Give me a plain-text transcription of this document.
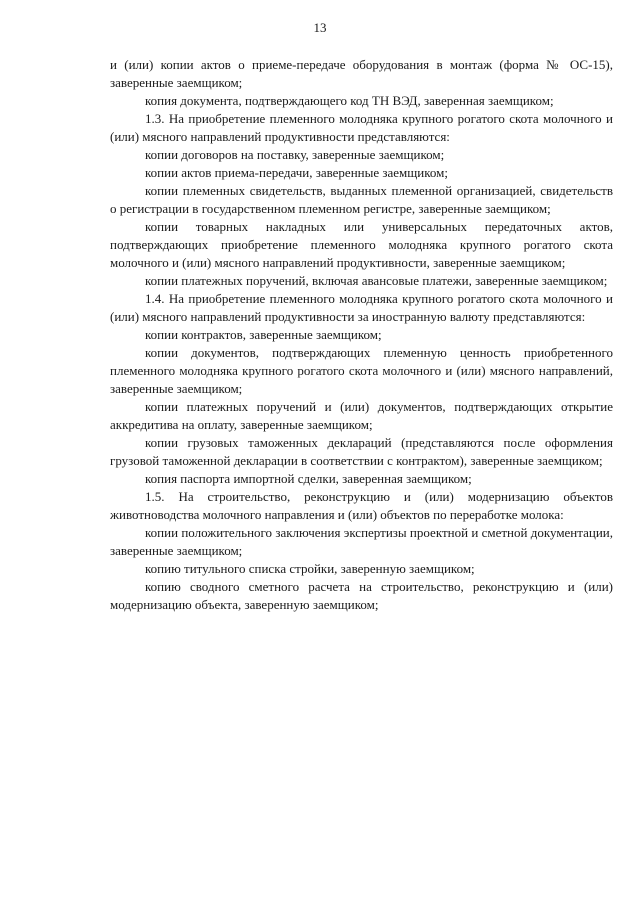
13

и (или) копии актов о приеме-передаче оборудования в монтаж (форма № ОС-15), заверенные заемщиком;

копия документа, подтверждающего код ТН ВЭД, заверенная заемщиком;

1.3. На приобретение племенного молодняка крупного рогатого скота молочного и (или) мясного направлений продуктивности представляются:

копии договоров на поставку, заверенные заемщиком;

копии актов приема-передачи, заверенные заемщиком;

копии племенных свидетельств, выданных племенной организацией, свидетельств о регистрации в государственном племенном регистре, заверенные заемщиком;

копии товарных накладных или универсальных передаточных актов, подтверждающих приобретение племенного молодняка крупного рогатого скота молочного и (или) мясного направлений продуктивности, заверенные заемщиком;

копии платежных поручений, включая авансовые платежи, заверенные заемщиком;

1.4. На приобретение племенного молодняка крупного рогатого скота молочного и (или) мясного направлений продуктивности за иностранную валюту представляются:

копии контрактов, заверенные заемщиком;

копии документов, подтверждающих племенную ценность приобретенного племенного молодняка крупного рогатого скота молочного и (или) мясного направлений, заверенные заемщиком;

копии платежных поручений и (или) документов, подтверждающих открытие аккредитива на оплату, заверенные заемщиком;

копии грузовых таможенных деклараций (представляются после оформления грузовой таможенной декларации в соответствии с контрактом), заверенные заемщиком;

копия паспорта импортной сделки, заверенная заемщиком;

1.5. На строительство, реконструкцию и (или) модернизацию объектов животноводства молочного направления и (или) объектов по переработке молока:

копии положительного заключения экспертизы проектной и сметной документации, заверенные заемщиком;

копию титульного списка стройки, заверенную заемщиком;

копию сводного сметного расчета на строительство, реконструкцию и (или) модернизацию объекта, заверенную заемщиком;
